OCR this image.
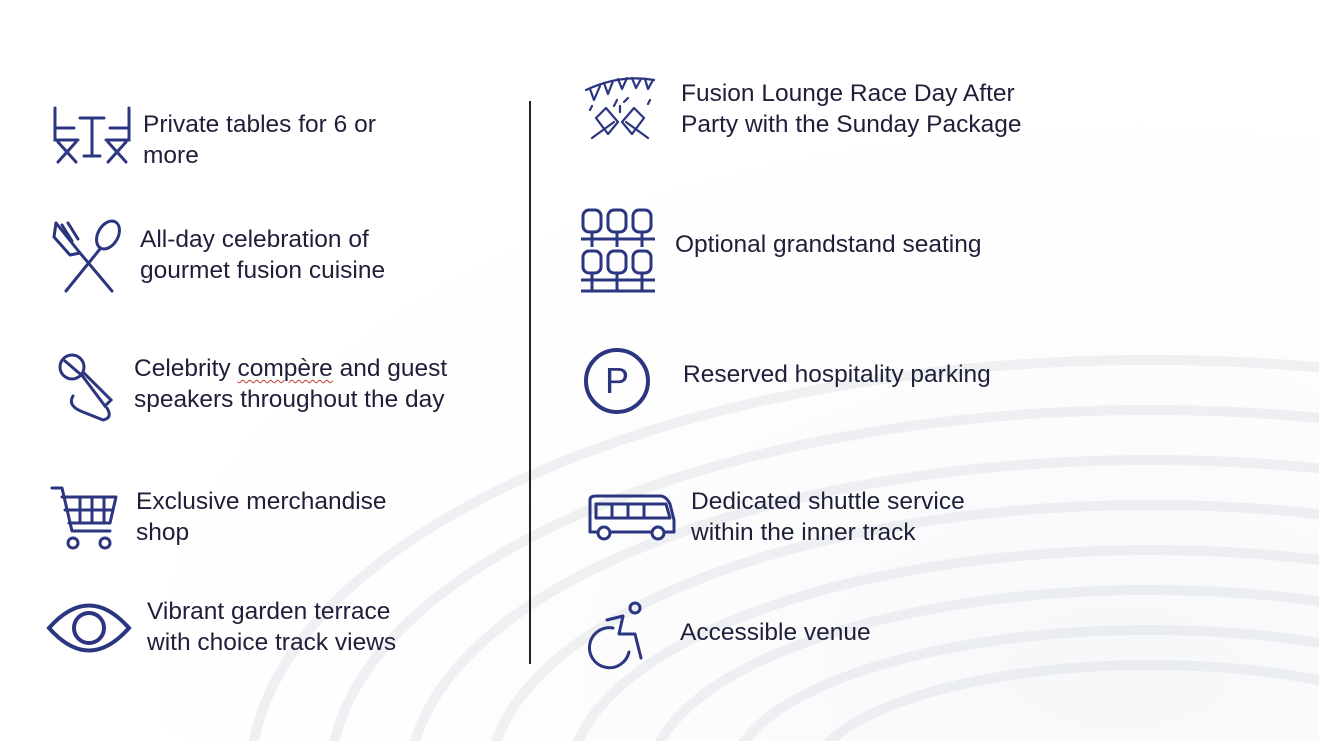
Private tables for 6 or
more
All-day celebration of
gourmet fusion cuisine
Celebrity compère and guest
speakers throughout the day
Exclusive merchandise
shop
Vibrant garden terrace
with choice track views
Fusion Lounge Race Day After
Party with the Sunday Package
Optional grandstand seating
P Reserved hospitality parking
Dedicated shuttle service
within the inner track
Accessible venue
